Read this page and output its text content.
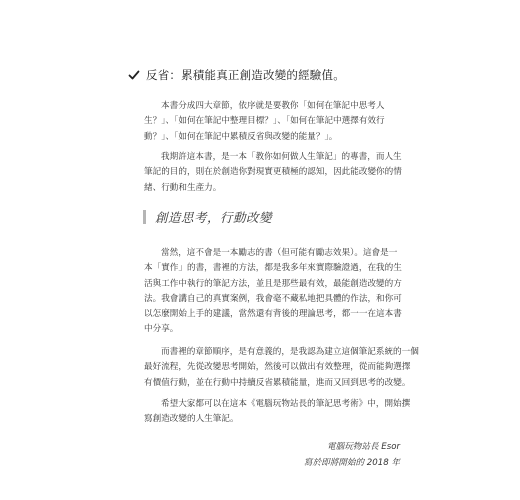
反省：累積能真正創造改變的經驗值。
本書分成四大章節，依序就是要教你「如何在筆記中思考人
生？」、「如何在筆記中整理目標？」、「如何在筆記中選擇有效行
動？」、「如何在筆記中累積反省與改變的能量？」。
我期許這本書，是一本「教你如何做人生筆記」的專書，而人生
筆記的目的，則在於創造你對現實更積極的認知，因此能改變你的情
緒、行動和生產力。
創造思考，行動改變
當然，這不會是一本勵志的書（但可能有勵志效果）。這會是一
本「實作」的書，書裡的方法，都是我多年來實際驗證過，在我的生
活與工作中執行的筆記方法，並且是那些最有效，最能創造改變的方
法。我會講自己的真實案例，我會毫不藏私地把具體的作法，和你可
以怎麼開始上手的建議，當然還有背後的理論思考，都一一在這本書
中分享。
而書裡的章節順序，是有意義的，是我認為建立這個筆記系統的一個
最好流程，先從改變思考開始，然後可以做出有效整理，從而能夠選擇
有價值行動，並在行動中持續反省累積能量，進而又回到思考的改變。
希望大家都可以在這本《電腦玩物站長的筆記思考術》中，開始撰
寫創造改變的人生筆記。
電腦玩物站長 Esor
寫於即將開始的 2018 年
